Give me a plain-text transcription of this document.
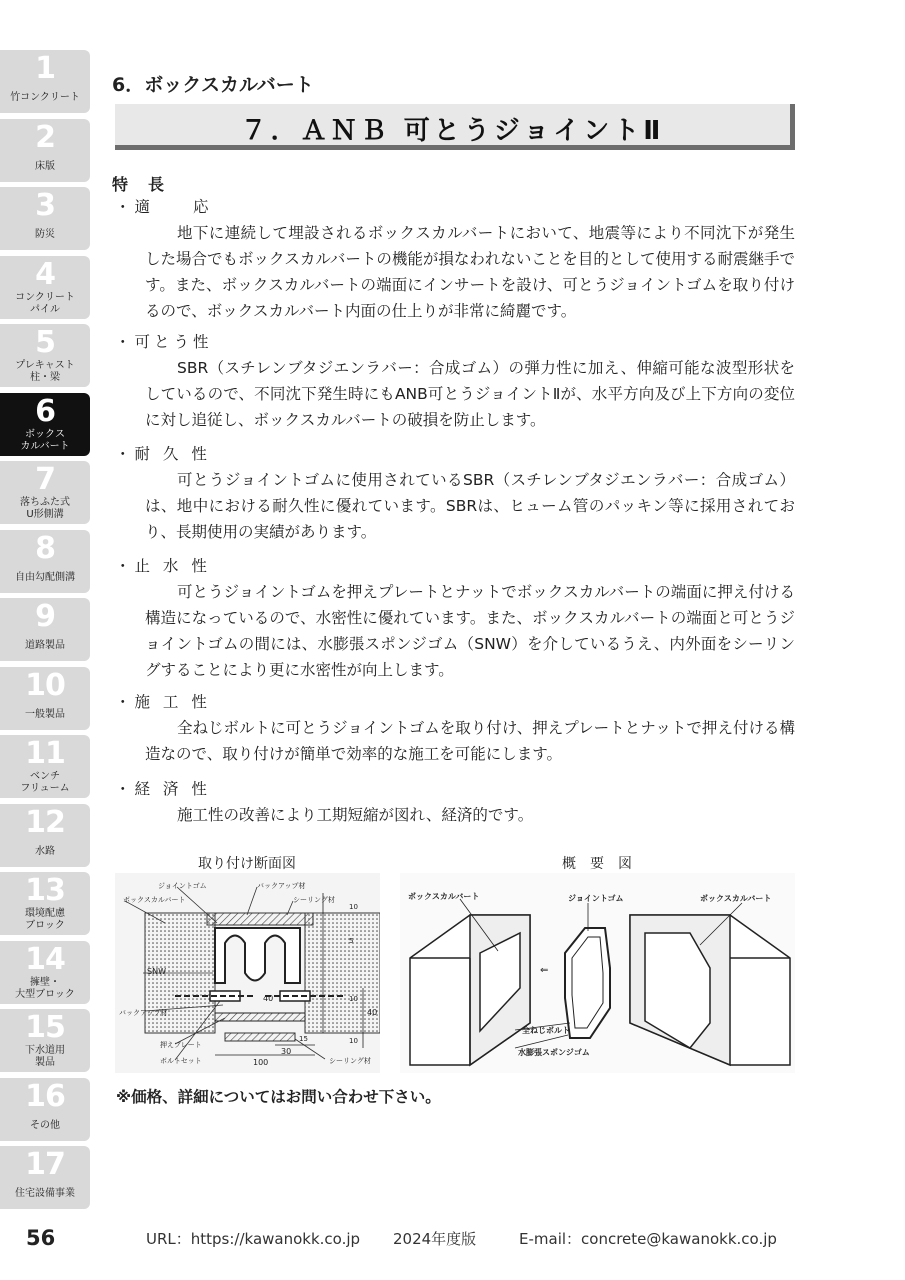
1
竹コンクリート
2
床版
3
防災
4
コンクリート
パイル
5
プレキャスト
柱・梁
6
ボックス
カルバート
7
落ちふた式
U形側溝
8
自由勾配側溝
9
道路製品
10
一般製品
11
ベンチ
フリューム
12
水路
13
環境配慮
ブロック
14
擁壁・
大型ブロック
15
下水道用
製品
16
その他
17
住宅設備事業
6．ボックスカルバート
７．ＡＮＢ 可とうジョイントⅡ
特長
・適　　応
地下に連続して埋設されるボックスカルバートにおいて、地震等により不同沈下が発生した場合でもボックスカルバートの機能が損なわれないことを目的として使用する耐震継手です。また、ボックスカルバートの端面にインサートを設け、可とうジョイントゴムを取り付けるので、ボックスカルバート内面の仕上りが非常に綺麗です。
・可とう性
SBR（スチレンブタジエンラバー：合成ゴム）の弾力性に加え、伸縮可能な波型形状をしているので、不同沈下発生時にもANB可とうジョイントⅡが、水平方向及び上下方向の変位に対し追従し、ボックスカルバートの破損を防止します。
・耐 久 性
可とうジョイントゴムに使用されているSBR（スチレンブタジエンラバー：合成ゴム）は、地中における耐久性に優れています。SBRは、ヒューム管のパッキン等に採用されており、長期使用の実績があります。
・止 水 性
可とうジョイントゴムを押えプレートとナットでボックスカルバートの端面に押え付ける構造になっているので、水密性に優れています。また、ボックスカルバートの端面と可とうジョイントゴムの間には、水膨張スポンジゴム（SNW）を介しているうえ、内外面をシーリングすることにより更に水密性が向上します。
・施 工 性
全ねじボルトに可とうジョイントゴムを取り付け、押えプレートとナットで押え付ける構造なので、取り付けが簡単で効率的な施工を可能にします。
・経 済 性
施工性の改善により工期短縮が図れ、経済的です。
取り付け断面図	概　要　図
ジョイントゴム	バックアップ材
ボックスカルバート	シーリング材
SNW
バックアップ材
押えプレート
ボルトセット	シーリング材
100
30
15
40
40
10
5
10
10
⇐
ボックスカルバート	ジョイントゴム	ボックスカルバート
全ねじボルト
水膨張スポンジゴム
※価格、詳細についてはお問い合わせ下さい。
56	URL：https://kawanokk.co.jp 2024年度版	E-mail：concrete@kawanokk.co.jp
